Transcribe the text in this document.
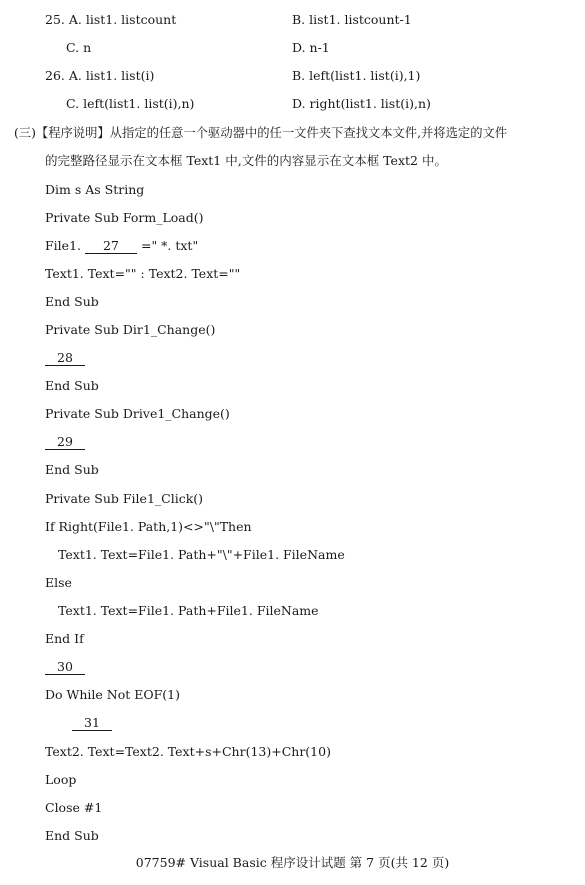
25. A. list1. listcount	B. list1. listcount-1
C. n	D. n-1
26. A. list1. list(i)	B. left(list1. list(i),1)
C. left(list1. list(i),n)	D. right(list1. list(i),n)
(三)【程序说明】从指定的任意一个驱动器中的任一文件夹下查找文本文件,并将选定的文件
的完整路径显示在文本框 Text1 中,文件的内容显示在文本框 Text2 中。
Dim s As String
Private Sub Form_Load()
File1. 27 =" *. txt"
Text1. Text="" : Text2. Text=""
End Sub
Private Sub Dir1_Change()
28
End Sub
Private Sub Drive1_Change()
29
End Sub
Private Sub File1_Click()
If Right(File1. Path,1)<>"\"Then
Text1. Text=File1. Path+"\"+File1. FileName
Else
Text1. Text=File1. Path+File1. FileName
End If
30
Do While Not EOF(1)
31
Text2. Text=Text2. Text+s+Chr(13)+Chr(10)
Loop
Close #1
End Sub
07759# Visual Basic 程序设计试题 第 7 页(共 12 页)
